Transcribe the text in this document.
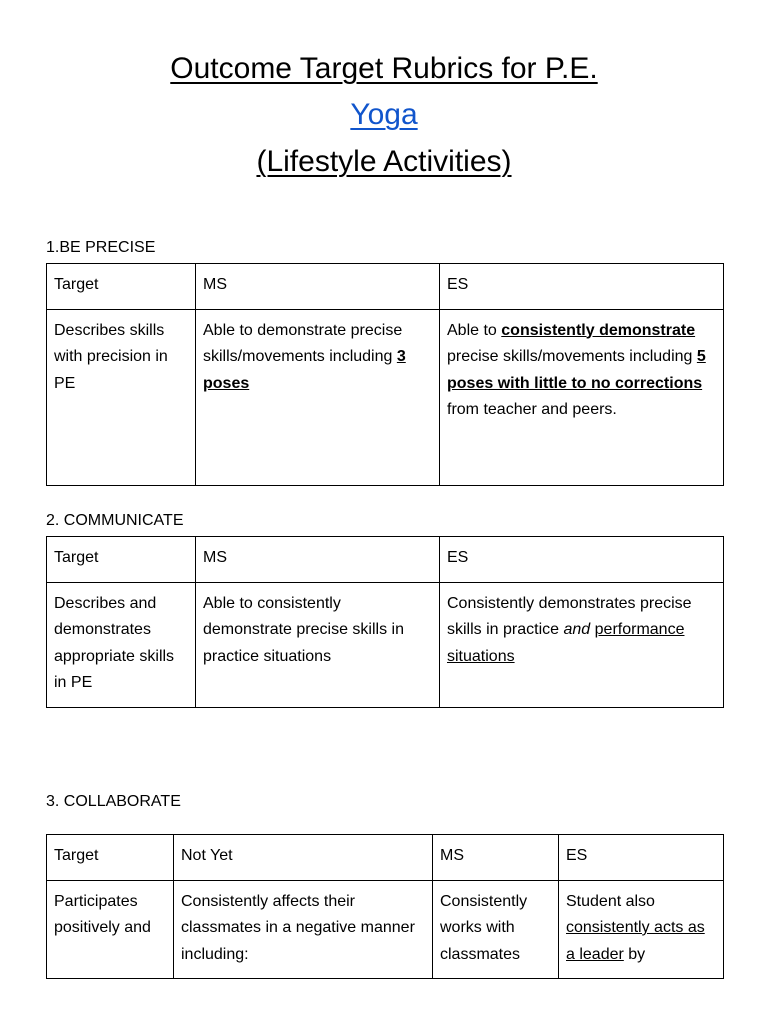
Outcome Target Rubrics for P.E.
Yoga
(Lifestyle Activities)
1.BE PRECISE
Target	MS	ES
Describes skills with precision in PE	Able to demonstrate precise skills/movements including 3 poses	Able to consistently demonstrate precise skills/movements including 5 poses with little to no corrections from teacher and peers.
2. COMMUNICATE
Target	MS	ES
Describes and demonstrates appropriate skills in PE	Able to consistently demonstrate precise skills in practice situations	Consistently demonstrates precise skills in practice and performance situations
3. COLLABORATE
Target	Not Yet	MS	ES
Participates positively and	Consistently affects their classmates in a negative manner including:	Consistently works with classmates	Student also consistently acts as a leader by
